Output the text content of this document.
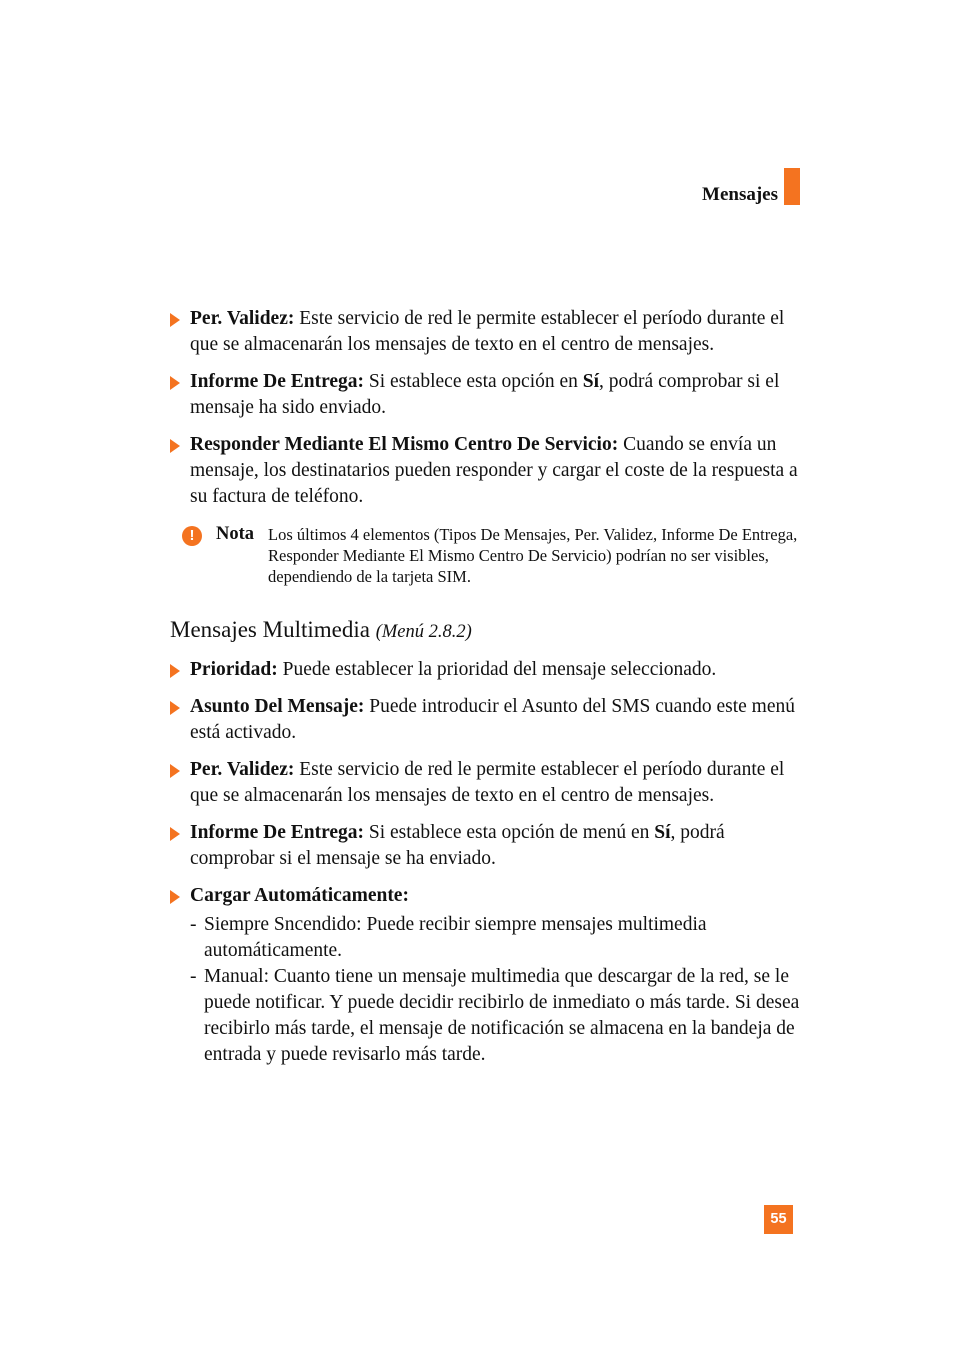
Mensajes
Per. Validez: Este servicio de red le permite establecer el período durante el que se almacenarán los mensajes de texto en el centro de mensajes.
Informe De Entrega: Si establece esta opción en Sí, podrá comprobar si el mensaje ha sido enviado.
Responder Mediante El Mismo Centro De Servicio: Cuando se envía un mensaje, los destinatarios pueden responder y cargar el coste de la respuesta a su factura de teléfono.
!	Nota Los últimos 4 elementos (Tipos De Mensajes, Per. Validez, Informe De Entrega, Responder Mediante El Mismo Centro De Servicio) podrían no ser visibles, dependiendo de la tarjeta SIM.
Mensajes Multimedia (Menú 2.8.2)
Prioridad: Puede establecer la prioridad del mensaje seleccionado.
Asunto Del Mensaje: Puede introducir el Asunto del SMS cuando este menú está activado.
Per. Validez: Este servicio de red le permite establecer el período durante el que se almacenarán los mensajes de texto en el centro de mensajes.
Informe De Entrega: Si establece esta opción de menú en Sí, podrá comprobar si el mensaje se ha enviado.
Cargar Automáticamente:
- Siempre Sncendido: Puede recibir siempre mensajes multimedia automáticamente.
- Manual: Cuanto tiene un mensaje multimedia que descargar de la red, se le puede notificar. Y puede decidir recibirlo de inmediato o más tarde. Si desea recibirlo más tarde, el mensaje de notificación se almacena en la bandeja de entrada y puede revisarlo más tarde.
55
